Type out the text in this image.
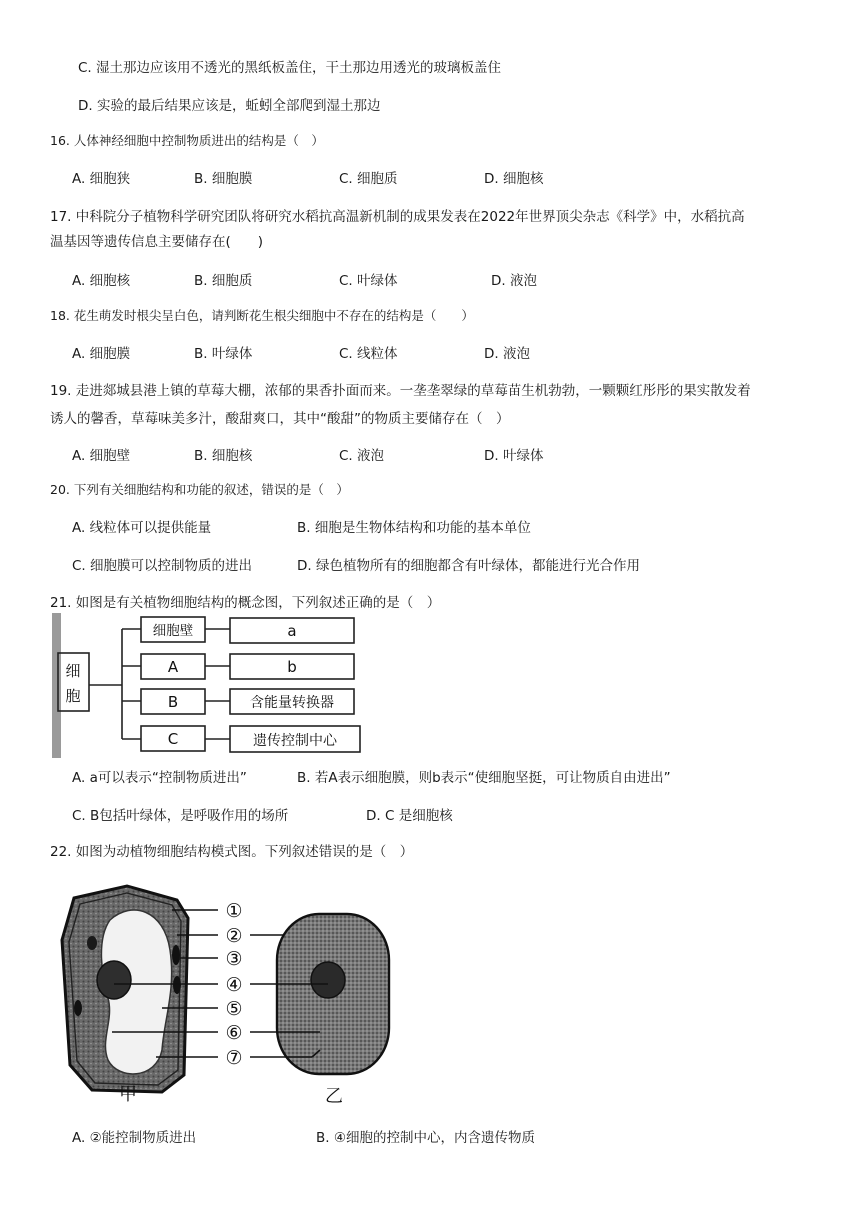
C. 湿土那边应该用不透光的黑纸板盖住，干土那边用透光的玻璃板盖住
D. 实验的最后结果应该是，蚯蚓全部爬到湿土那边
16. 人体神经细胞中控制物质进出的结构是（　）
A. 细胞狭	B. 细胞膜	C. 细胞质	D. 细胞核
17. 中科院分子植物科学研究团队将研究水稻抗高温新机制的成果发表在2022年世界顶尖杂志《科学》中，水稻抗高
温基因等遗传信息主要储存在(　　)
A. 细胞核	B. 细胞质	C. 叶绿体	D. 液泡
18. 花生萌发时根尖呈白色，请判断花生根尖细胞中不存在的结构是（　　）
A. 细胞膜	B. 叶绿体	C. 线粒体	D. 液泡
19. 走进郯城县港上镇的草莓大棚，浓郁的果香扑面而来。一垄垄翠绿的草莓苗生机勃勃，一颗颗红彤彤的果实散发着
诱人的馨香，草莓味美多汁，酸甜爽口，其中“酸甜”的物质主要储存在（　）
A. 细胞壁	B. 细胞核	C. 液泡	D. 叶绿体
20. 下列有关细胞结构和功能的叙述，错误的是（　）
A. 线粒体可以提供能量	B. 细胞是生物体结构和功能的基本单位
C. 细胞膜可以控制物质的进出	D. 绿色植物所有的细胞都含有叶绿体，都能进行光合作用
21. 如图是有关植物细胞结构的概念图，下列叙述正确的是（　）
细
胞
细胞壁
A
B
C
a
b
含能量转换器
遗传控制中心
A. a可以表示“控制物质进出”	B. 若A表示细胞膜，则b表示“使细胞坚挺，可让物质自由进出”
C. B包括叶绿体，是呼吸作用的场所	D. C 是细胞核
22. 如图为动植物细胞结构模式图。下列叙述错误的是（　）
①
②
③
④
⑤
⑥
⑦
甲	乙
A. ②能控制物质进出	B. ④细胞的控制中心，内含遗传物质
